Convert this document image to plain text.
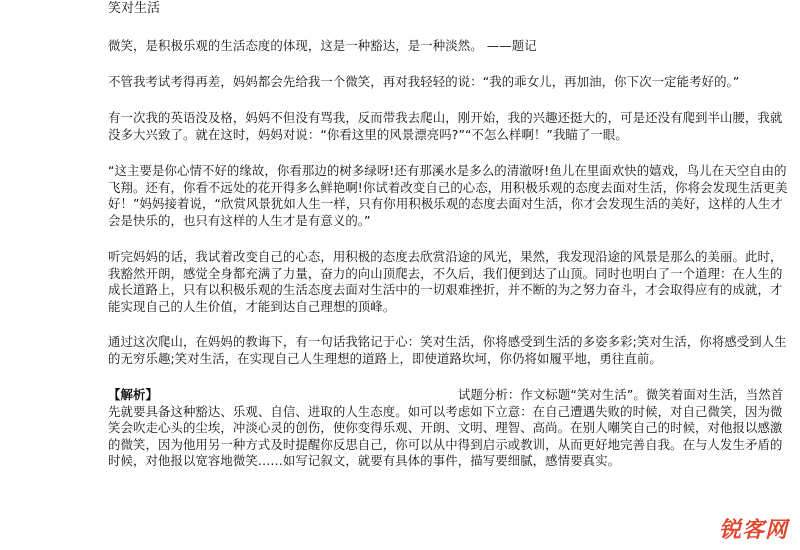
笑对生活

微笑，是积极乐观的生活态度的体现，这是一种豁达，是一种淡然。 ——题记

不管我考试考得再差，妈妈都会先给我一个微笑，再对我轻轻的说：“我的乖女儿，再加油，你下次一定能考好的。”

有一次我的英语没及格，妈妈不但没有骂我，反而带我去爬山，刚开始，我的兴趣还挺大的，可是还没有爬到半山腰，我就没多大兴致了。就在这时，妈妈对说：“你看这里的风景漂亮吗?”“不怎么样啊！”我瞄了一眼。

“这主要是你心情不好的缘故，你看那边的树多绿呀!还有那溪水是多么的清澈呀!鱼儿在里面欢快的嬉戏，鸟儿在天空自由的飞翔。还有，你看不远处的花开得多么鲜艳啊!你试着改变自己的心态，用积极乐观的态度去面对生活，你将会发现生活更美好！”妈妈接着说，“欣赏风景犹如人生一样，只有你用积极乐观的态度去面对生活，你才会发现生活的美好，这样的人生才会是快乐的，也只有这样的人生才是有意义的。”

听完妈妈的话，我试着改变自己的心态，用积极的态度去欣赏沿途的风光，果然，我发现沿途的风景是那么的美丽。此时，我豁然开朗，感觉全身都充满了力量，奋力的向山顶爬去，不久后，我们便到达了山顶。同时也明白了一个道理：在人生的成长道路上，只有以积极乐观的生活态度去面对生活中的一切艰难挫折，并不断的为之努力奋斗，才会取得应有的成就，才能实现自己的人生价值，才能到达自己理想的顶峰。

通过这次爬山，在妈妈的教诲下，有一句话我铭记于心：笑对生活，你将感受到生活的多姿多彩;笑对生活，你将感受到人生的无穷乐趣;笑对生活，在实现自己人生理想的道路上，即使道路坎坷，你仍将如履平地，勇往直前。

【解析】	试题分析：作文标题“笑对生活”。微笑着面对生活，当然首先就要具备这种豁达、乐观、自信、进取的人生态度。如可以考虑如下立意：在自己遭遇失败的时候，对自己微笑，因为微笑会吹走心头的尘埃，冲淡心灵的创伤，使你变得乐观、开朗、文明、理智、高尚。在别人嘲笑自己的时候，对他报以感激的微笑，因为他用另一种方式及时提醒你反思自己，你可以从中得到启示或教训，从而更好地完善自我。在与人发生矛盾的时候，对他报以宽容地微笑……如写记叙文，就要有具体的事件，描写要细腻，感情要真实。

锐客网
